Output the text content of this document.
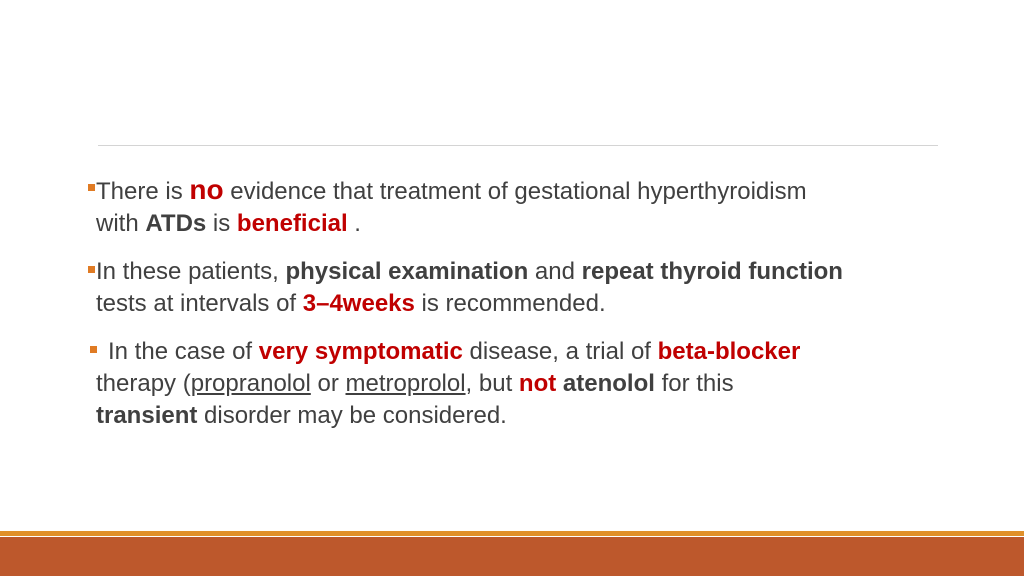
There is no evidence that treatment of gestational hyperthyroidism
with ATDs is beneficial .
In these patients, physical examination and repeat thyroid function
tests at intervals of 3–4weeks is recommended.
In the case of very symptomatic disease, a trial of beta-blocker
therapy (propranolol or metroprolol, but not atenolol for this
transient disorder may be considered.
